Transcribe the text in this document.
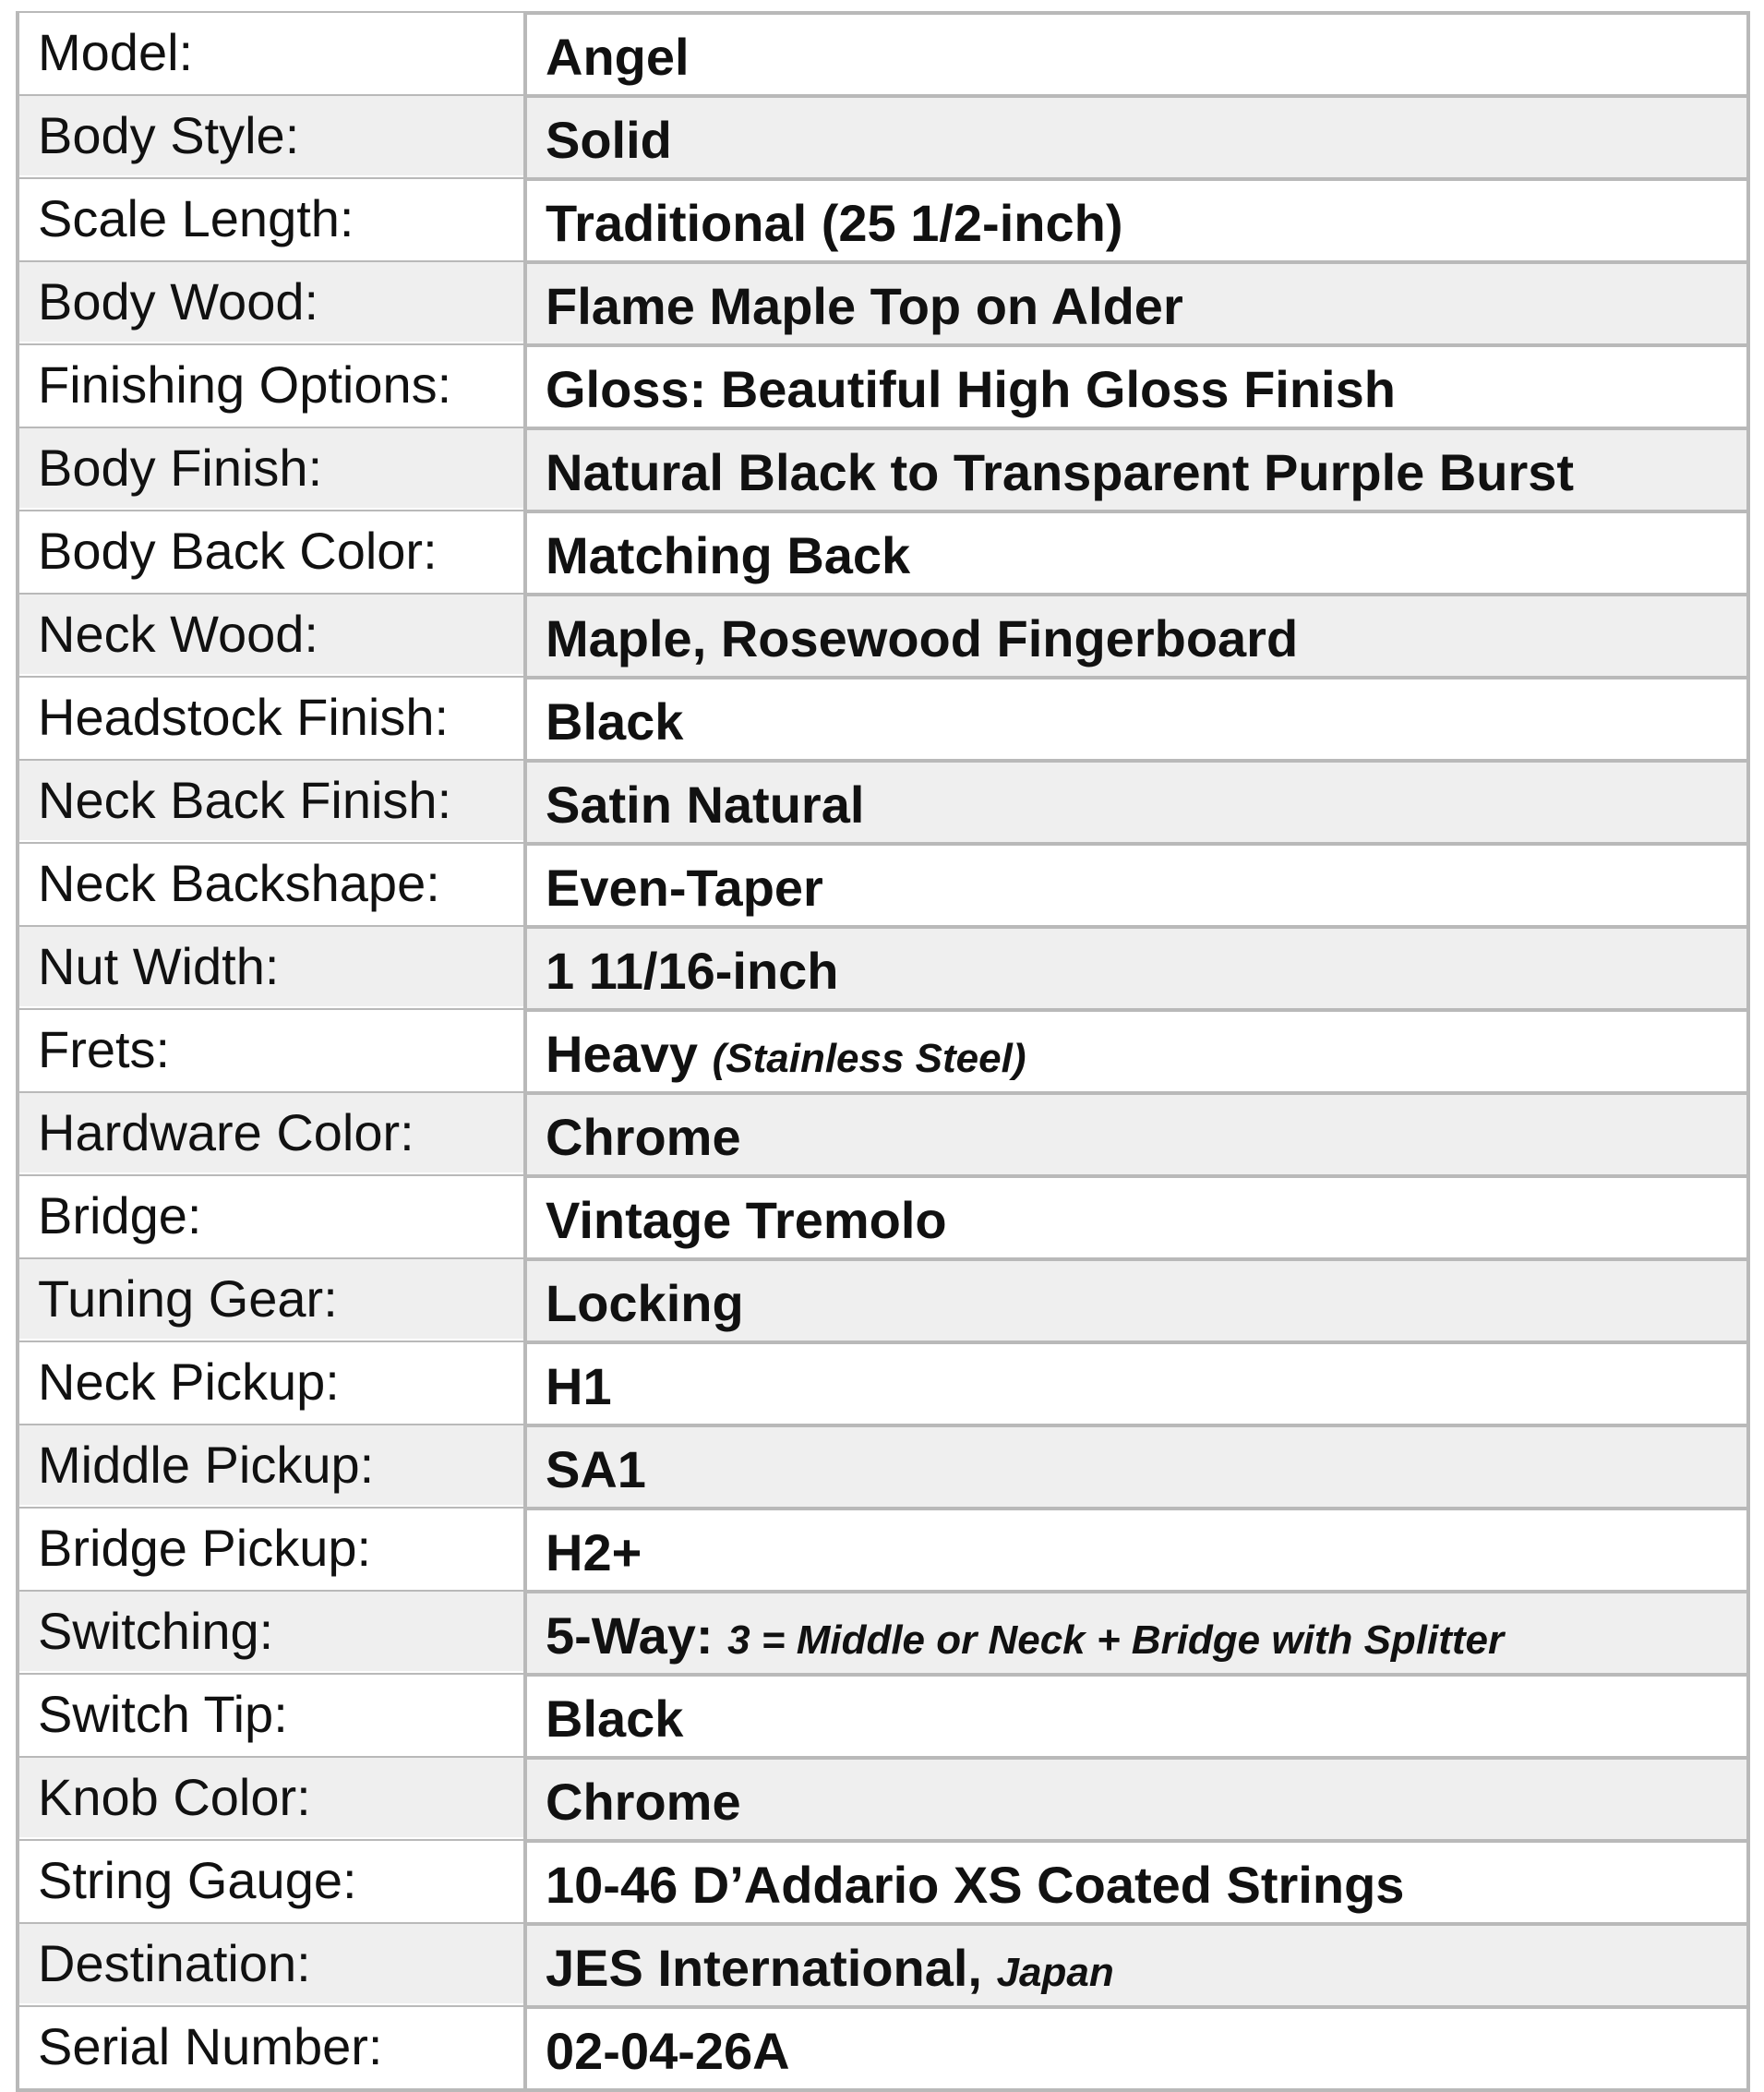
Model:	Angel
Body Style:	Solid
Scale Length:	Traditional (25 1/2-inch)
Body Wood:	Flame Maple Top on Alder
Finishing Options:	Gloss: Beautiful High Gloss Finish
Body Finish:	Natural Black to Transparent Purple Burst
Body Back Color:	Matching Back
Neck Wood:	Maple, Rosewood Fingerboard
Headstock Finish:	Black
Neck Back Finish:	Satin Natural
Neck Backshape:	Even-Taper
Nut Width:	1 11/16-inch
Frets:	Heavy (Stainless Steel)
Hardware Color:	Chrome
Bridge:	Vintage Tremolo
Tuning Gear:	Locking
Neck Pickup:	H1
Middle Pickup:	SA1
Bridge Pickup:	H2+
Switching:	5-Way: 3 = Middle or Neck + Bridge with Splitter
Switch Tip:	Black
Knob Color:	Chrome
String Gauge:	10-46 D’Addario XS Coated Strings
Destination:	JES International, Japan
Serial Number:	02-04-26A
